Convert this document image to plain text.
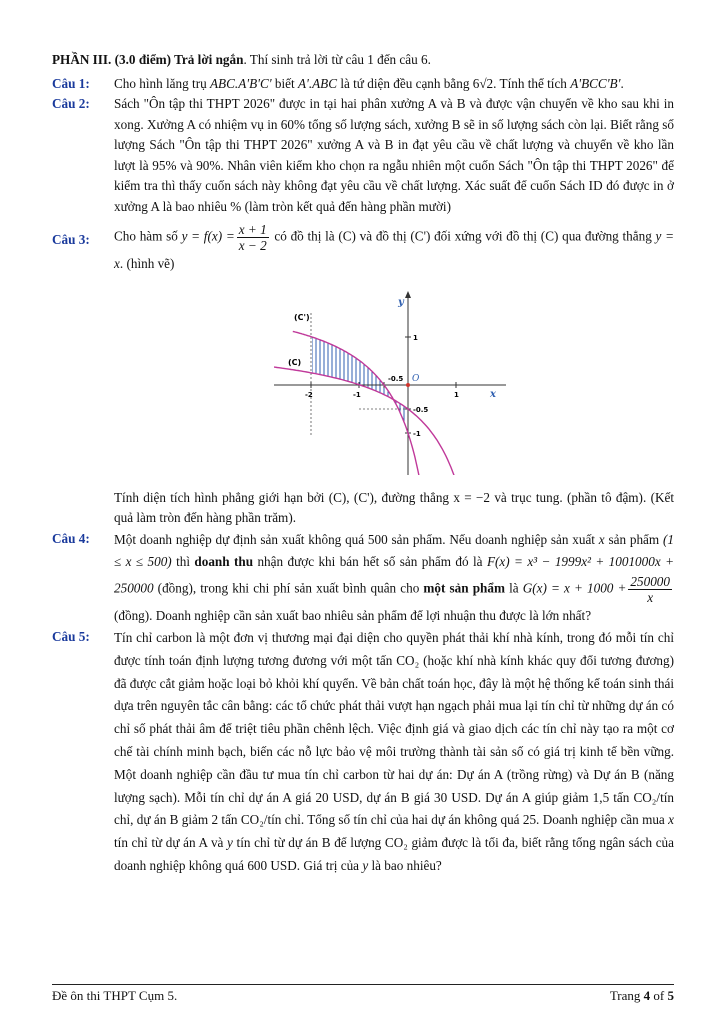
PHẦN III. (3.0 điểm) Trả lời ngắn. Thí sinh trả lời từ câu 1 đến câu 6.
Câu 1:	Cho hình lăng trụ ABC.A'B'C' biết A'.ABC là tứ diện đều cạnh bằng 6√2. Tính thể tích A'BCC'B'.
Câu 2:	Sách "Ôn tập thi THPT 2026" được in tại hai phân xưởng A và B và được vận chuyển về kho sau khi in xong. Xưởng A có nhiệm vụ in 60% tổng số lượng sách, xưởng B sẽ in số lượng sách còn lại. Biết rằng số lượng Sách "Ôn tập thi THPT 2026" xưởng A và B in đạt yêu cầu về chất lượng và chuyển về kho lần lượt là 95% và 90%. Nhân viên kiểm kho chọn ra ngẫu nhiên một cuốn Sách "Ôn tập thi THPT 2026" để kiểm tra thì thấy cuốn sách này không đạt yêu cầu về chất lượng. Xác suất để cuốn Sách ID đó được in ở xưởng A là bao nhiêu % (làm tròn kết quả đến hàng phần mười)
Câu 3:	Cho hàm số $y = f(x) = \frac{x + 1}{x - 2}$ có đồ thị là (C) và đồ thị (C') đối xứng với đồ thị (C) qua đường thẳng y = x. (hình vẽ)

(C)
(C')
y
x
O
-2	-1
-0.5
1
1
-0.5
-1

Tính diện tích hình phẳng giới hạn bởi (C), (C'), đường thẳng x = −2 và trục tung. (phần tô đậm). (Kết quả làm tròn đến hàng phần trăm).

Câu 4:	Một doanh nghiệp dự định sản xuất không quá 500 sản phẩm. Nếu doanh nghiệp sản xuất x sản phẩm (1 ≤ x ≤ 500) thì doanh thu nhận được khi bán hết số sản phẩm đó là F(x) = x³ − 1999x² + 1001000x + 250000 (đồng), trong khi chi phí sản xuất bình quân cho một sản phẩm là $G(x) = x + 1000 + \frac{250000}{x}$
(đồng). Doanh nghiệp cần sản xuất bao nhiêu sản phẩm để lợi nhuận thu được là lớn nhất?

Câu 5:	Tín chỉ carbon là một đơn vị thương mại đại diện cho quyền phát thải khí nhà kính, trong đó mỗi tín chỉ được tính toán định lượng tương đương với một tấn CO₂ (hoặc khí nhà kính khác quy đổi tương đương) đã được cắt giảm hoặc loại bỏ khỏi khí quyển. Về bản chất toán học, đây là một hệ thống kế toán sinh thái dựa trên nguyên tắc cân bằng: các tổ chức phát thải vượt hạn ngạch phải mua lại tín chỉ từ những dự án có chỉ số phát thải âm để triệt tiêu phần chênh lệch. Việc định giá và giao dịch các tín chỉ này tạo ra một cơ chế tài chính minh bạch, biến các nỗ lực bảo vệ môi trường thành tài sản số có giá trị kinh tế bền vững. Một doanh nghiệp cần đầu tư mua tín chỉ carbon từ hai dự án: Dự án A (trồng rừng) và Dự án B (năng lượng sạch). Mỗi tín chỉ dự án A giá 20 USD, dự án B giá 30 USD. Dự án A giúp giảm 1,5 tấn CO₂/tín chỉ, dự án B giảm 2 tấn CO₂/tín chỉ. Tổng số tín chỉ của hai dự án không quá 25. Doanh nghiệp cần mua x tín chỉ từ dự án A và y tín chỉ từ dự án B để lượng CO₂ giảm được là tối đa, biết rằng tổng ngân sách của doanh nghiệp không quá 600 USD. Giá trị của y là bao nhiêu?

Đề ôn thi THPT Cụm 5.	Trang 4 of 5
